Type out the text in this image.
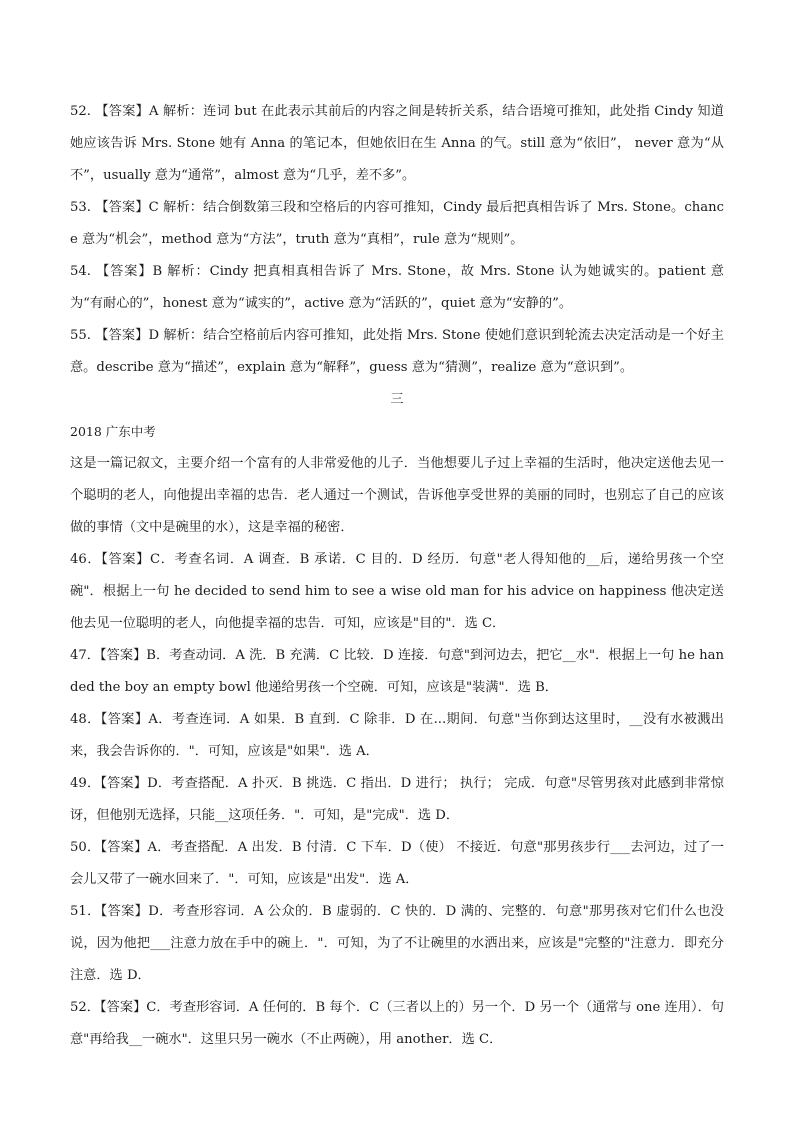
52. 【答案】A 解析：连词 but 在此表示其前后的内容之间是转折关系，结合语境可推知，此处指 Cindy 知道她应该告诉 Mrs. Stone 她有 Anna 的笔记本，但她依旧在生 Anna 的气。still 意为“依旧”， never 意为“从不”，usually 意为“通常”，almost 意为“几乎，差不多”。

53. 【答案】C 解析：结合倒数第三段和空格后的内容可推知，Cindy 最后把真相告诉了 Mrs. Stone。chance 意为“机会”，method 意为“方法”，truth 意为“真相”，rule 意为“规则”。

54. 【答案】B 解析：Cindy 把真相真相告诉了 Mrs. Stone，故 Mrs. Stone 认为她诚实的。patient 意为“有耐心的”，honest 意为“诚实的”，active 意为“活跃的”，quiet 意为“安静的”。

55. 【答案】D 解析：结合空格前后内容可推知，此处指 Mrs. Stone 使她们意识到轮流去决定活动是一个好主意。describe 意为“描述”，explain 意为“解释”，guess 意为“猜测”，realize 意为“意识到”。

三

2018 广东中考

这是一篇记叙文，主要介绍一个富有的人非常爱他的儿子．当他想要儿子过上幸福的生活时，他决定送他去见一个聪明的老人，向他提出幸福的忠告．老人通过一个测试，告诉他享受世界的美丽的同时，也别忘了自己的应该做的事情（文中是碗里的水），这是幸福的秘密．

46．【答案】C．考查名词．A 调查．B 承诺．C 目的．D 经历．句意"老人得知他的__后，递给男孩一个空碗"．根据上一句 he decided to send him to see a wise old man for his advice on happiness 他决定送他去见一位聪明的老人，向他提幸福的忠告．可知，应该是"目的"．选 C．

47．【答案】B．考查动词．A 洗．B 充满．C 比较．D 连接．句意"到河边去，把它__水"．根据上一句 he handed the boy an empty bowl 他递给男孩一个空碗．可知，应该是"装满"．选 B．

48．【答案】A．考查连词．A 如果．B 直到．C 除非．D 在...期间．句意"当你到达这里时，__没有水被溅出来，我会告诉你的．"．可知，应该是"如果"．选 A．

49．【答案】D．考查搭配．A 扑灭．B 挑选．C 指出．D 进行； 执行； 完成．句意"尽管男孩对此感到非常惊讶，但他别无选择，只能__这项任务．"．可知，是"完成"．选 D．

50．【答案】A．考查搭配．A 出发．B 付清．C 下车．D（使） 不接近．句意"那男孩步行___去河边，过了一会儿又带了一碗水回来了．"．可知，应该是"出发"．选 A．

51．【答案】D．考查形容词．A 公众的．B 虚弱的．C 快的．D 满的、完整的．句意"那男孩对它们什么也没说，因为他把___注意力放在手中的碗上．"．可知，为了不让碗里的水洒出来，应该是"完整的"注意力．即充分注意．选 D．

52．【答案】C．考查形容词．A 任何的．B 每个．C（三者以上的）另一个．D 另一个（通常与 one 连用）．句意"再给我__一碗水"．这里只另一碗水（不止两碗），用 another．选 C．
